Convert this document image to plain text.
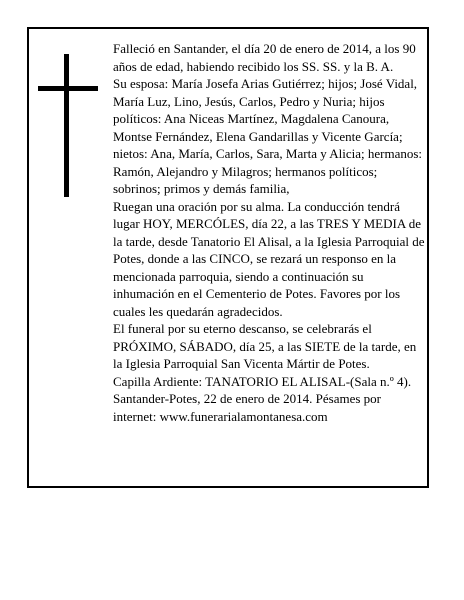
Falleció en Santander, el día 20 de enero de 2014, a los 90 años de edad, habiendo recibido los SS. SS. y la B. A.

Su esposa: María Josefa Arias Gutiérrez; hijos; José Vidal, María Luz, Lino, Jesús, Carlos, Pedro y Nuria; hijos políticos: Ana Niceas Martínez, Magdalena Canoura, Montse Fernández, Elena Gandarillas y Vicente García; nietos: Ana, María, Carlos, Sara, Marta y Alicia; hermanos: Ramón, Alejandro y Milagros; hermanos políticos; sobrinos; primos y demás familia,

Ruegan una oración por su alma. La conducción tendrá lugar HOY, MERCÓLES, día 22, a las TRES Y MEDIA de la tarde, desde Tanatorio El Alisal, a la Iglesia Parroquial de Potes, donde a las CINCO, se rezará un responso en la mencionada parroquia, siendo a continuación su inhumación en el Cementerio de Potes. Favores por los cuales les quedarán agradecidos.

El funeral por su eterno descanso, se celebrarás el PRÓXIMO, SÁBADO, día 25, a las SIETE de la tarde, en la Iglesia Parroquial San Vicenta Mártir de Potes.

Capilla Ardiente: TANATORIO EL ALISAL-(Sala n.º 4).

Santander-Potes, 22 de enero de 2014. Pésames por internet: www.funerarialamontanesa.com
